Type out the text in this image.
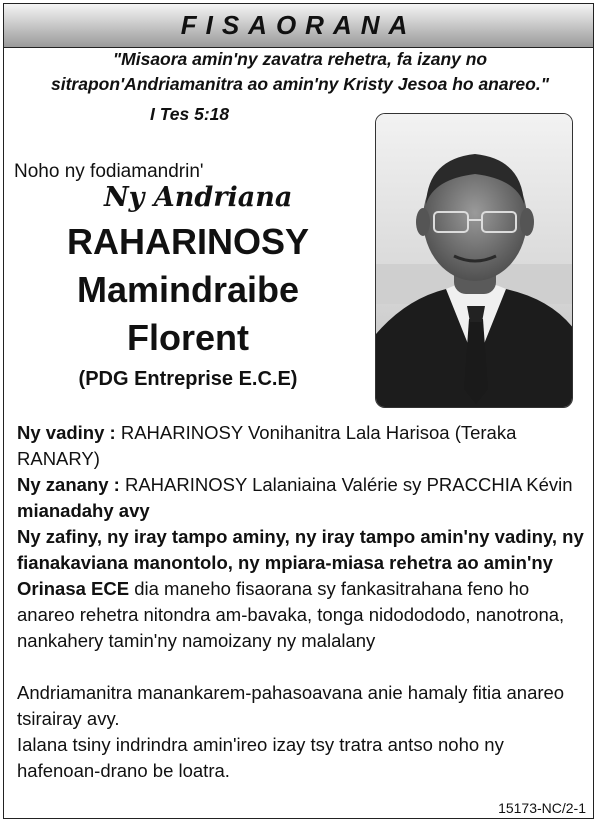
FISAORANA
"Misaora amin'ny zavatra rehetra, fa izany no
sitrapon'Andriamanitra ao amin'ny Kristy Jesoa ho anareo."
I Tes 5:18
Noho ny fodiamandrin'
Ny Andriana
RAHARINOSY
Mamindraibe
Florent
(PDG Entreprise E.C.E)

Ny vadiny : RAHARINOSY Vonihanitra Lala Harisoa (Teraka RANARY)

Ny zanany : RAHARINOSY Lalaniaina Valérie sy PRACCHIA Kévin

mianadahy avy

Ny zafiny, ny iray tampo aminy, ny iray tampo amin'ny vadiny, ny fianakaviana manontolo, ny mpiara-miasa rehetra ao amin'ny Orinasa ECE dia maneho fisaorana sy fankasitrahana feno ho anareo rehetra nitondra am-bavaka, tonga nidodododo, nanotrona, nankahery tamin'ny namoizany ny malalany

Andriamanitra manankarem-pahasoavana anie hamaly fitia anareo tsirairay avy.

Ialana tsiny indrindra amin'ireo izay tsy tratra antso noho ny hafenoan-drano be loatra.

15173-NC/2-1
